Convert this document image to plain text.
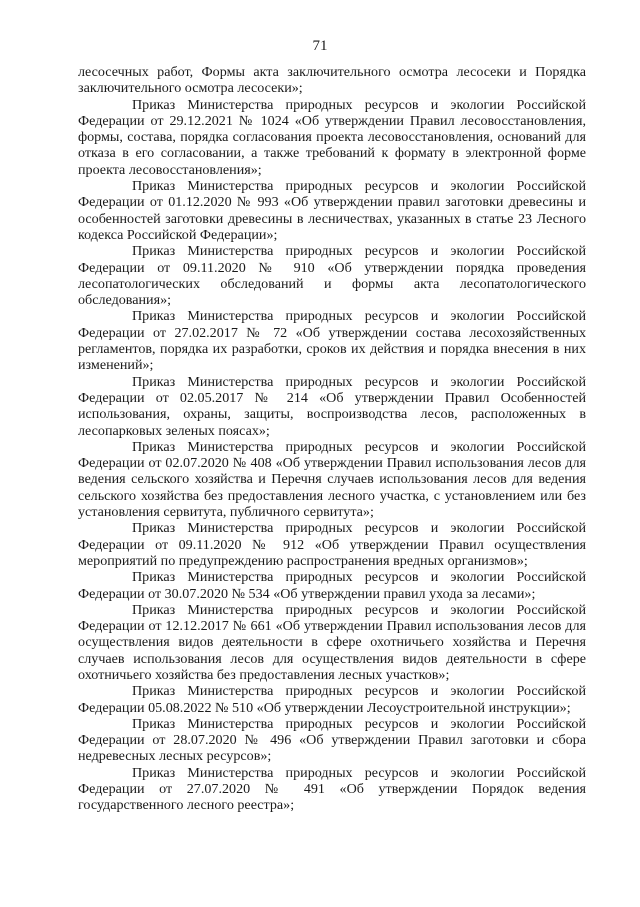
71

лесосечных работ, Формы акта заключительного осмотра лесосеки и Порядка заключительного осмотра лесосеки»;

Приказ Министерства природных ресурсов и экологии Российской Федерации от 29.12.2021 № 1024 «Об утверждении Правил лесовосстановления, формы, состава, порядка согласования проекта лесовосстановления, оснований для отказа в его согласовании, а также требований к формату в электронной форме проекта лесовосстановления»;

Приказ Министерства природных ресурсов и экологии Российской Федерации от 01.12.2020 № 993 «Об утверждении правил заготовки древесины и особенностей заготовки древесины в лесничествах, указанных в статье 23 Лесного кодекса Российской Федерации»;

Приказ Министерства природных ресурсов и экологии Российской Федерации от 09.11.2020 № 910 «Об утверждении порядка проведения лесопатологических обследований и формы акта лесопатологического обследования»;

Приказ Министерства природных ресурсов и экологии Российской Федерации от 27.02.2017 № 72 «Об утверждении состава лесохозяйственных регламентов, порядка их разработки, сроков их действия и порядка внесения в них изменений»;

Приказ Министерства природных ресурсов и экологии Российской Федерации от 02.05.2017 № 214 «Об утверждении Правил Особенностей использования, охраны, защиты, воспроизводства лесов, расположенных в лесопарковых зеленых поясах»;

Приказ Министерства природных ресурсов и экологии Российской Федерации от 02.07.2020 № 408 «Об утверждении Правил использования лесов для ведения сельского хозяйства и Перечня случаев использования лесов для ведения сельского хозяйства без предоставления лесного участка, с установлением или без установления сервитута, публичного сервитута»;

Приказ Министерства природных ресурсов и экологии Российской Федерации от 09.11.2020 № 912 «Об утверждении Правил осуществления мероприятий по предупреждению распространения вредных организмов»;

Приказ Министерства природных ресурсов и экологии Российской Федерации от 30.07.2020 № 534 «Об утверждении правил ухода за лесами»;

Приказ Министерства природных ресурсов и экологии Российской Федерации от 12.12.2017 № 661 «Об утверждении Правил использования лесов для осуществления видов деятельности в сфере охотничьего хозяйства и Перечня случаев использования лесов для осуществления видов деятельности в сфере охотничьего хозяйства без предоставления лесных участков»;

Приказ Министерства природных ресурсов и экологии Российской Федерации 05.08.2022 № 510 «Об утверждении Лесоустроительной инструкции»;

Приказ Министерства природных ресурсов и экологии Российской Федерации от 28.07.2020 № 496 «Об утверждении Правил заготовки и сбора недревесных лесных ресурсов»;

Приказ Министерства природных ресурсов и экологии Российской Федерации от 27.07.2020 № 491 «Об утверждении Порядок ведения государственного лесного реестра»;
